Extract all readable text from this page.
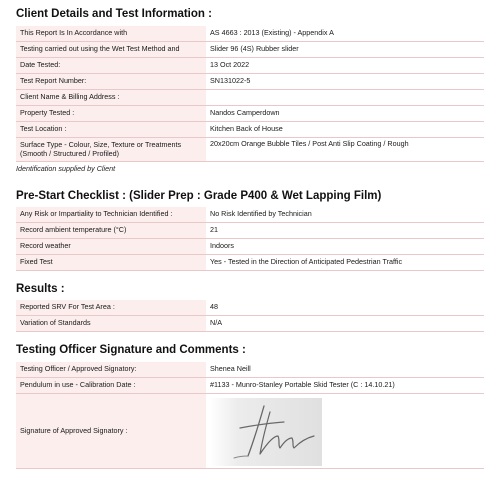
Client Details and Test Information :
This Report Is In Accordance with	AS 4663 : 2013 (Existing) - Appendix A
Testing carried out using the Wet Test Method and	Slider 96 (4S) Rubber slider
Date Tested:	13 Oct 2022
Test Report Number:	SN131022-5
Client Name & Billing Address :	
Property Tested :	Nandos Camperdown
Test Location :	Kitchen Back of House

Surface Type - Colour, Size, Texture or Treatments
(Smooth / Structured / Profiled)	20x20cm Orange Bubble Tiles / Post Anti Slip Coating / Rough
Identification supplied by Client
Pre-Start Checklist : (Slider Prep : Grade P400 & Wet Lapping Film)
Any Risk or Impartiality to Technician Identified :	No Risk Identified by Technician
Record ambient temperature (°C)	21
Record weather	Indoors
Fixed Test	Yes - Tested in the Direction of Anticipated Pedestrian Traffic
Results :
Reported SRV For Test Area :	48
Variation of Standards	N/A
Testing Officer Signature and Comments :
Testing Officer / Approved Signatory:	Shenea Neill
Pendulum in use - Calibration Date :	#1133 - Munro-Stanley Portable Skid Tester (C : 14.10.21)
Signature of Approved Signatory :	
